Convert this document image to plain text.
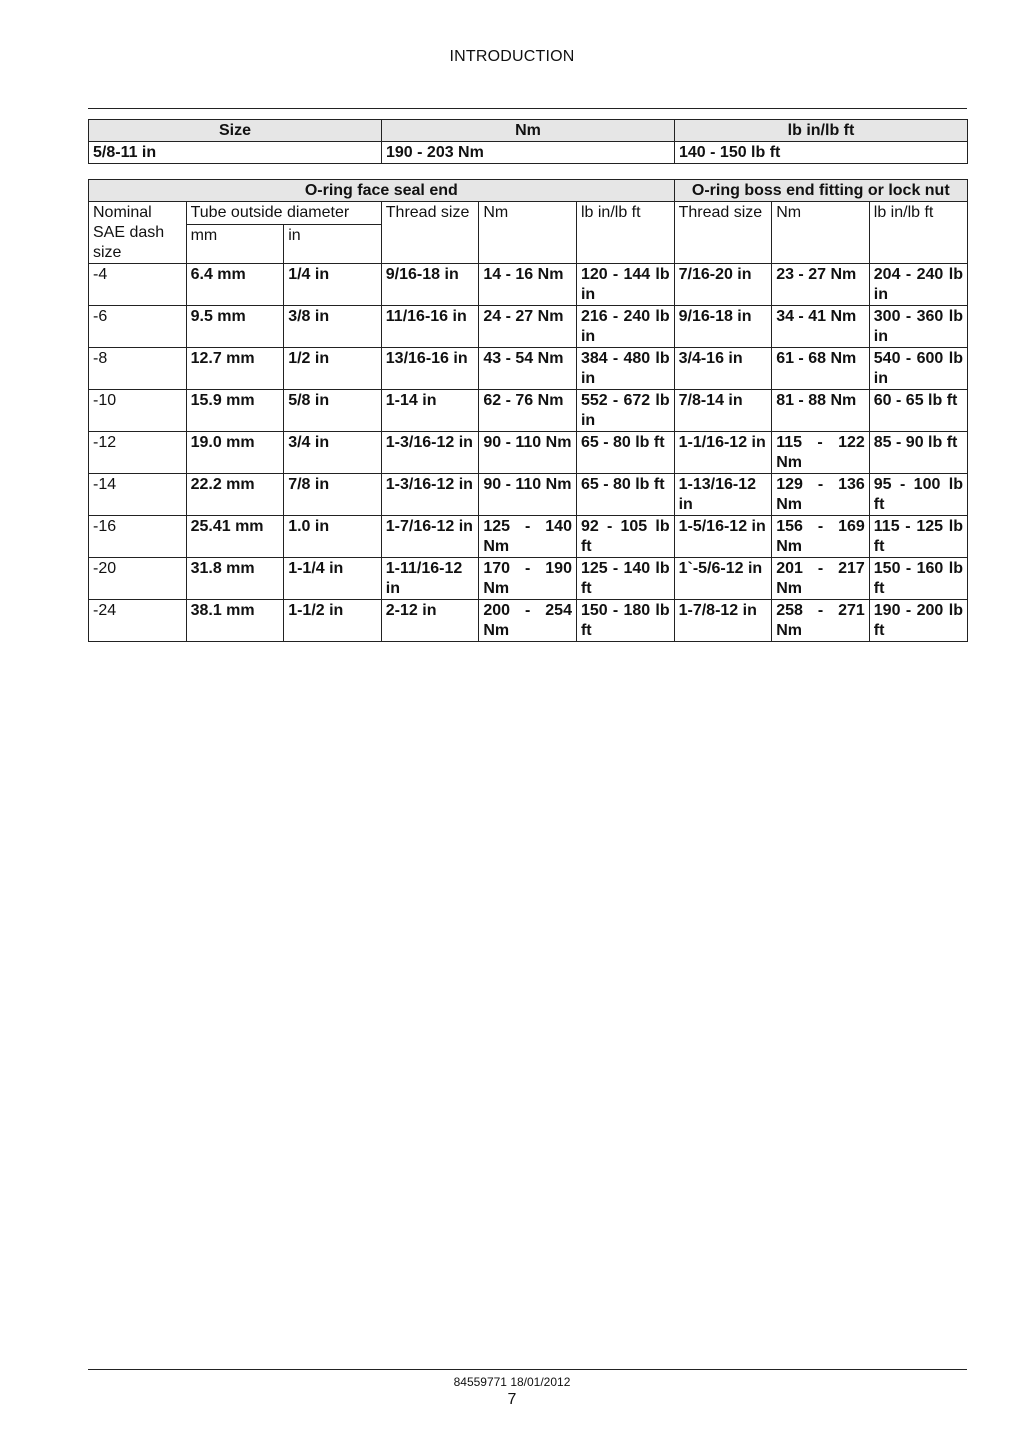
INTRODUCTION
Size	Nm	lb in/lb ft
5/8-11 in	190 - 203 Nm	140 - 150 lb ft
O-ring face seal end						O-ring boss end fitting or lock nut		
Nominal SAE dash size	Tube outside diameter		Thread size	Nm	lb in/lb ft	Thread size	Nm	lb in/lb ft
	mm	in						
-4	6.4 mm	1/4 in	9/16-18 in	14 - 16 Nm	120 - 144 lb in	7/16-20 in	23 - 27 Nm	204 - 240 lb in
-6	9.5 mm	3/8 in	11/16-16 in	24 - 27 Nm	216 - 240 lb in	9/16-18 in	34 - 41 Nm	300 - 360 lb in
-8	12.7 mm	1/2 in	13/16-16 in	43 - 54 Nm	384 - 480 lb in	3/4-16 in	61 - 68 Nm	540 - 600 lb in
-10	15.9 mm	5/8 in	1-14 in	62 - 76 Nm	552 - 672 lb in	7/8-14 in	81 - 88 Nm	60 - 65 lb ft
-12	19.0 mm	3/4 in	1-3/16-12 in	90 - 110 Nm	65 - 80 lb ft	1-1/16-12 in	115 - 122 Nm	85 - 90 lb ft
-14	22.2 mm	7/8 in	1-3/16-12 in	90 - 110 Nm	65 - 80 lb ft	1-13/16-12 in	129 - 136 Nm	95 - 100 lb ft
-16	25.41 mm	1.0 in	1-7/16-12 in	125 - 140 Nm	92 - 105 lb ft	1-5/16-12 in	156 - 169 Nm	115 - 125 lb ft
-20	31.8 mm	1-1/4 in	1-11/16-12 in	170 - 190 Nm	125 - 140 lb ft	1`-5/6-12 in	201 - 217 Nm	150 - 160 lb ft
-24	38.1 mm	1-1/2 in	2-12 in	200 - 254 Nm	150 - 180 lb ft	1-7/8-12 in	258 - 271 Nm	190 - 200 lb ft
84559771 18/01/2012
7
